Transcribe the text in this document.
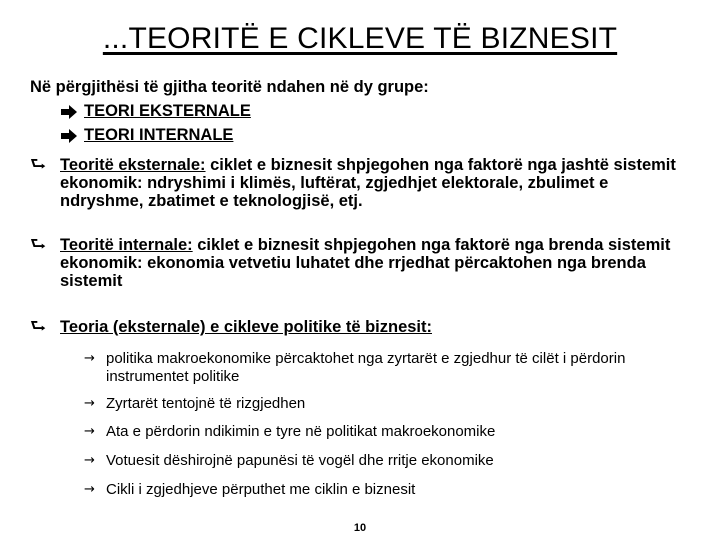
...TEORITË E CIKLEVE TË BIZNESIT
Në përgjithësi të gjitha teoritë ndahen në dy grupe:
TEORI EKSTERNALE
TEORI INTERNALE
⮑ Teoritë eksternale: ciklet e biznesit shpjegohen nga faktorë nga jashtë sistemit ekonomik: ndryshimi i klimës, luftërat, zgjedhjet elektorale, zbulimet e ndryshme, zbatimet e teknologjisë, etj.
⮑ Teoritë internale: ciklet e biznesit shpjegohen nga faktorë nga brenda sistemit ekonomik: ekonomia vetvetiu luhatet dhe rrjedhat përcaktohen nga brenda sistemit
⮑ Teoria (eksternale) e cikleve politike të biznesit:
→ politika makroekonomike përcaktohet nga zyrtarët e zgjedhur të cilët i përdorin instrumentet politike
→ Zyrtarët tentojnë të rizgjedhen
→ Ata e përdorin ndikimin e tyre në politikat makroekonomike
→ Votuesit dëshirojnë papunësi të vogël dhe rritje ekonomike
→ Cikli i zgjedhjeve përputhet me ciklin e biznesit
10
